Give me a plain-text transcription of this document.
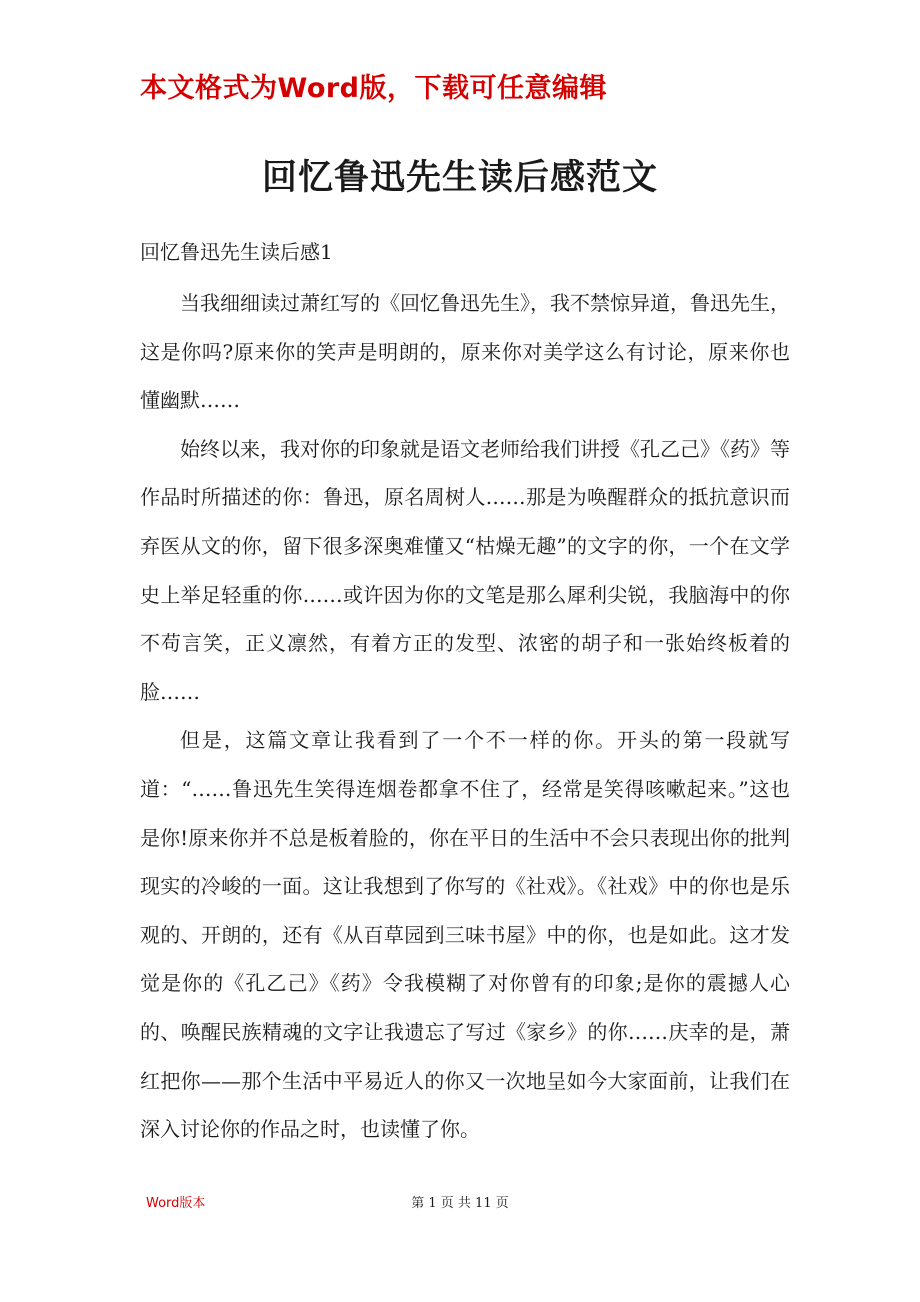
本文格式为Word版，下载可任意编辑
回忆鲁迅先生读后感范文
回忆鲁迅先生读后感1

当我细细读过萧红写的《回忆鲁迅先生》，我不禁惊异道，鲁迅先生，这是你吗?原来你的笑声是明朗的，原来你对美学这么有讨论，原来你也懂幽默……

始终以来，我对你的印象就是语文老师给我们讲授《孔乙己》《药》等作品时所描述的你：鲁迅，原名周树人……那是为唤醒群众的抵抗意识而弃医从文的你，留下很多深奥难懂又“枯燥无趣”的文字的你，一个在文学史上举足轻重的你……或许因为你的文笔是那么犀利尖锐，我脑海中的你不苟言笑，正义凛然，有着方正的发型、浓密的胡子和一张始终板着的脸……

但是，这篇文章让我看到了一个不一样的你。开头的第一段就写道：“……鲁迅先生笑得连烟卷都拿不住了，经常是笑得咳嗽起来。”这也是你!原来你并不总是板着脸的，你在平日的生活中不会只表现出你的批判现实的冷峻的一面。这让我想到了你写的《社戏》。《社戏》中的你也是乐观的、开朗的，还有《从百草园到三味书屋》中的你，也是如此。这才发觉是你的《孔乙己》《药》令我模糊了对你曾有的印象;是你的震撼人心的、唤醒民族精魂的文字让我遗忘了写过《家乡》的你……庆幸的是，萧红把你——那个生活中平易近人的你又一次地呈如今大家面前，让我们在深入讨论你的作品之时，也读懂了你。

Word版本	第 1 页 共 11 页
